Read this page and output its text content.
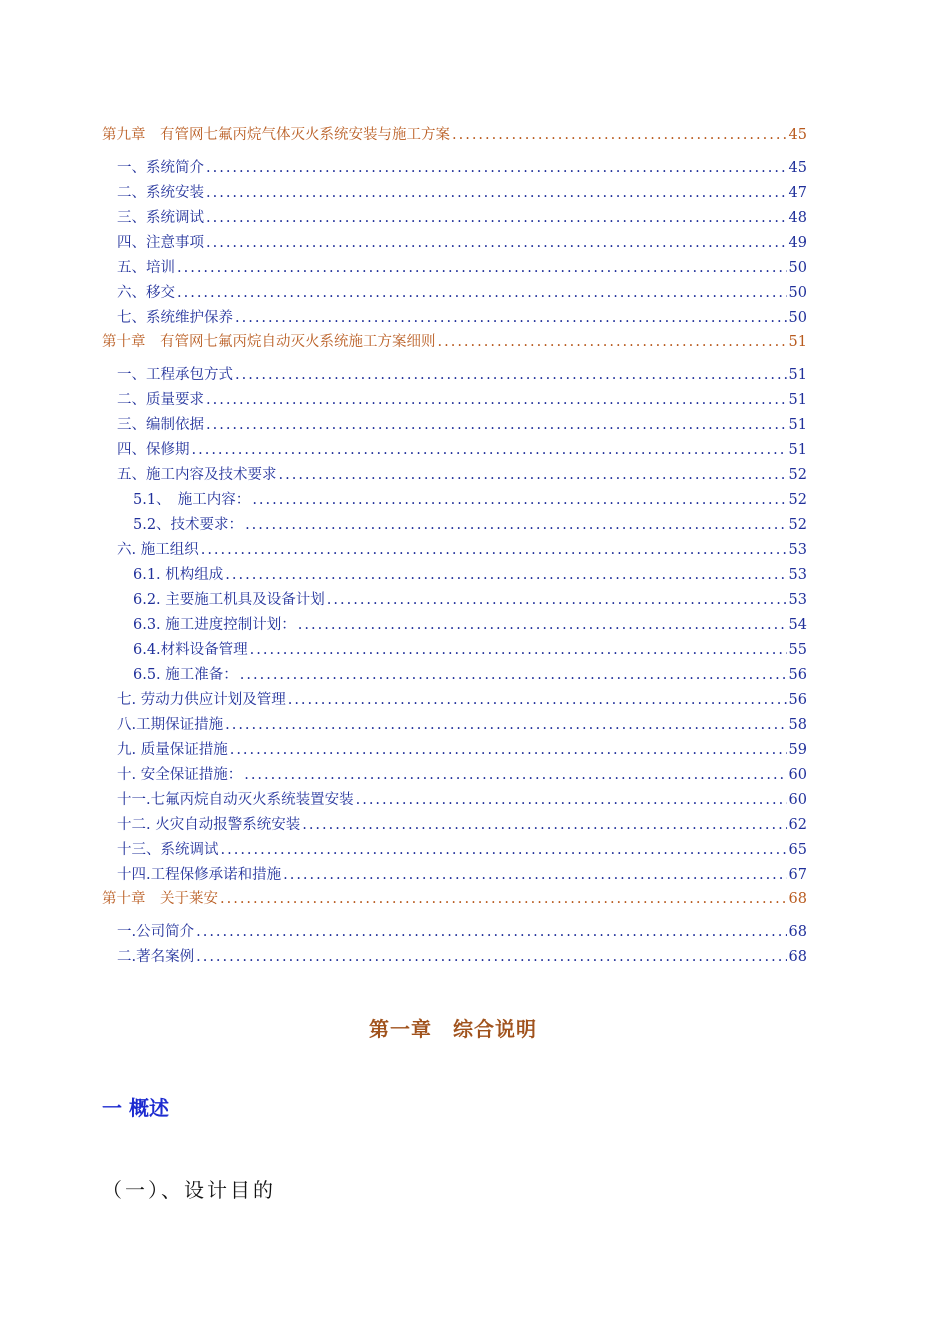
第九章　有管网七氟丙烷气体灭火系统安装与施工方案 .....	45
一、系统简介 .....	45
二、系统安装 .....	47
三、系统调试 .....	48
四、注意事项 .....	49
五、培训 .....	50
六、移交 .....	50
七、系统维护保养 .....	50
第十章　有管网七氟丙烷自动灭火系统施工方案细则 .....	51
一、工程承包方式 .....	51
二、质量要求 .....	51
三、编制依据 .....	51
四、保修期 .....	51
五、施工内容及技术要求 .....	52
5.1、　施工内容： .....	52
5.2、技术要求： .....	52
六. 施工组织 .....	53
6.1. 机构组成 .....	53
6.2. 主要施工机具及设备计划 .....	53
6.3. 施工进度控制计划： .....	54
6.4.材料设备管理 .....	55
6.5. 施工准备： .....	56
七. 劳动力供应计划及管理 .....	56
八.工期保证措施 .....	58
九. 质量保证措施 .....	59
十. 安全保证措施： .....	60
十一.七氟丙烷自动灭火系统装置安装 .....	60
十二. 火灾自动报警系统安装 .....	62
十三、系统调试 .....	65
十四.工程保修承诺和措施 .....	67
第十章　关于莱安 .....	68
一.公司简介 .....	68
二.著名案例 .....	68
第一章　综合说明
一 概述
（一）、设计目的
